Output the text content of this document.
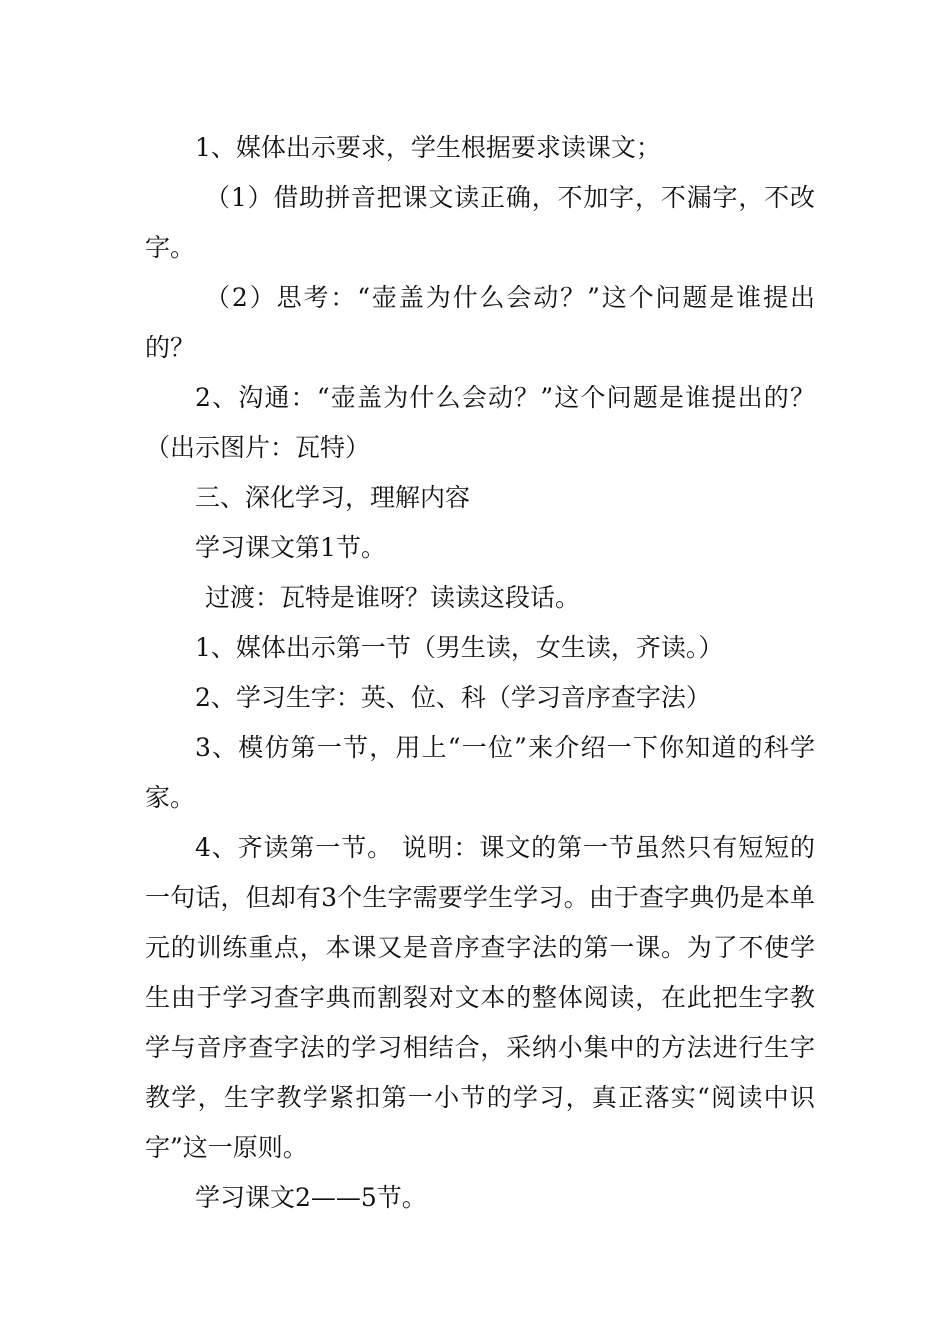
1、媒体出示要求，学生根据要求读课文；

（1）借助拼音把课文读正确，不加字，不漏字，不改字。

（2）思考：“壶盖为什么会动？”这个问题是谁提出的？

2、沟通：“壶盖为什么会动？”这个问题是谁提出的？（出示图片：瓦特）

三、深化学习，理解内容

学习课文第1节。

过渡：瓦特是谁呀？读读这段话。

1、媒体出示第一节（男生读，女生读，齐读。）

2、学习生字：英、位、科（学习音序查字法）

3、模仿第一节，用上“一位”来介绍一下你知道的科学家。

4、齐读第一节。 说明：课文的第一节虽然只有短短的一句话，但却有3个生字需要学生学习。由于查字典仍是本单元的训练重点，本课又是音序查字法的第一课。为了不使学生由于学习查字典而割裂对文本的整体阅读，在此把生字教学与音序查字法的学习相结合，采纳小集中的方法进行生字教学，生字教学紧扣第一小节的学习，真正落实“阅读中识字”这一原则。

学习课文2——5节。
